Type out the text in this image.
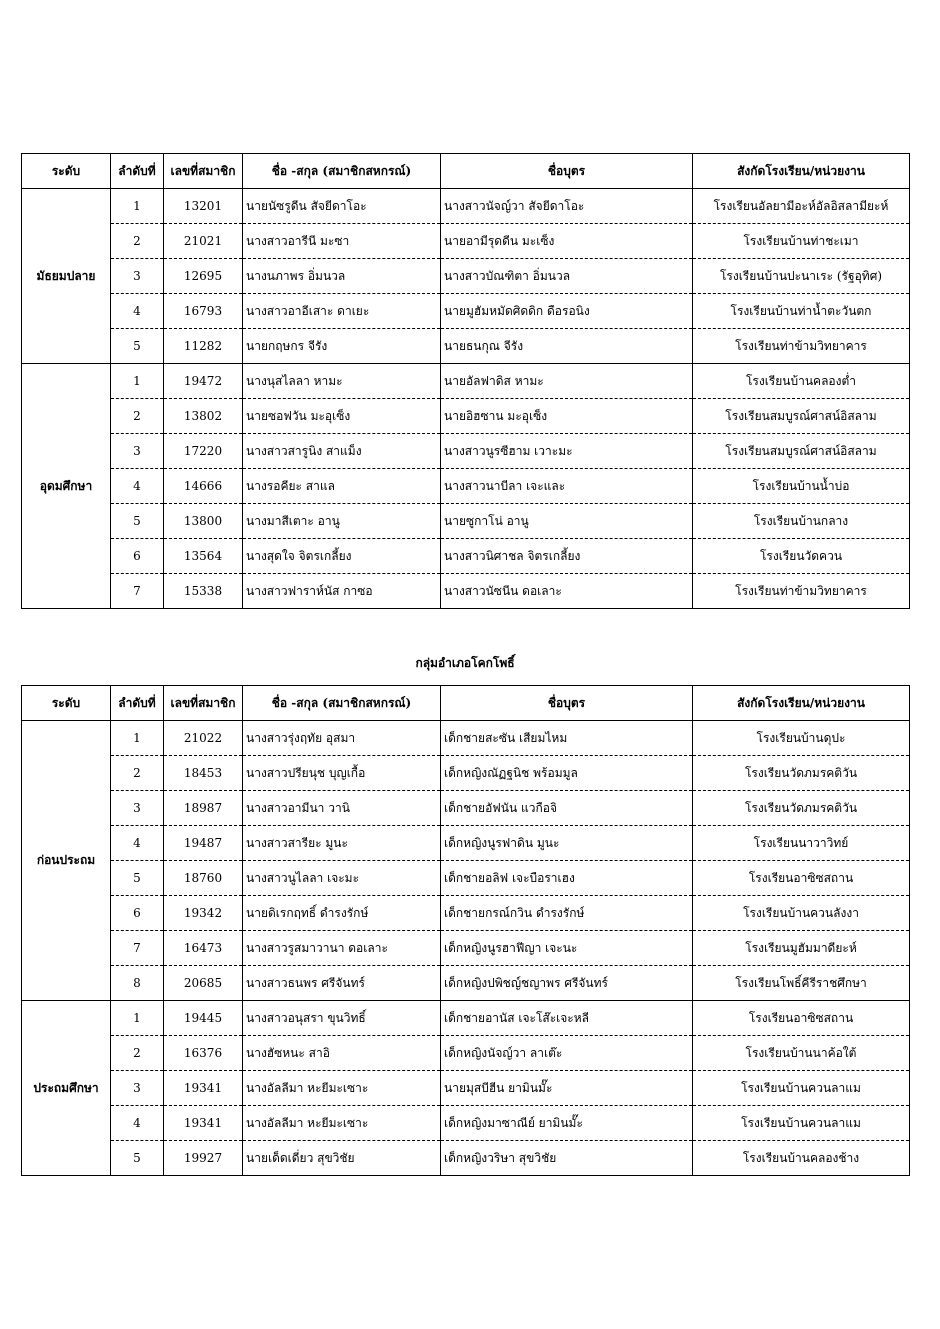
ระดับ	ลำดับที่	เลขที่สมาชิก	ชื่อ -สกุล (สมาชิกสหกรณ์)	ชื่อบุตร	สังกัดโรงเรียน/หน่วยงาน
มัธยมปลาย	1	13201	นายนัซรูดีน สัจยีดาโอะ	นางสาวนัจญ์วา สัจยีดาโอะ	โรงเรียนอัลยามีอะห์อัลอิสลามียะห์
	2	21021	นางสาวอารีนี มะซา	นายอามีรุดดีน มะเซ็ง	โรงเรียนบ้านท่าชะเมา
	3	12695	นางนภาพร อิ่มนวล	นางสาวบัณฑิตา อิ่มนวล	โรงเรียนบ้านปะนาเระ (รัฐอุทิศ)
	4	16793	นางสาวอาอีเสาะ ดาเยะ	นายมูฮัมหมัดศิดดิก ดือรอนิง	โรงเรียนบ้านท่าน้ำตะวันตก
	5	11282	นายกฤษกร จีรัง	นายธนกุณ จีรัง	โรงเรียนท่าข้ามวิทยาคาร
อุดมศึกษา	1	19472	นางนุสไลลา หามะ	นายอัลฟาดิส หามะ	โรงเรียนบ้านคลองต่ำ
	2	13802	นายซอฟวัน มะอุเซ็ง	นายอิฮซาน มะอุเซ็ง	โรงเรียนสมบูรณ์ศาสน์อิสลาม
	3	17220	นางสาวสารูนิง สาแม็ง	นางสาวนูรซีฮาม เวาะมะ	โรงเรียนสมบูรณ์ศาสน์อิสลาม
	4	14666	นางรอคียะ สาแล	นางสาวนาบีลา เจะและ	โรงเรียนบ้านน้ำบ่อ
	5	13800	นางมาสีเตาะ อานู	นายซูกาโน่ อานู	โรงเรียนบ้านกลาง
	6	13564	นางสุดใจ จิตรเกลี้ยง	นางสาวนิศาชล จิตรเกลี้ยง	โรงเรียนวัดควน
	7	15338	นางสาวฟาราห์นัส กาซอ	นางสาวนัซนีน ดอเลาะ	โรงเรียนท่าข้ามวิทยาคาร
กลุ่มอำเภอโคกโพธิ์
ระดับ	ลำดับที่	เลขที่สมาชิก	ชื่อ -สกุล (สมาชิกสหกรณ์)	ชื่อบุตร	สังกัดโรงเรียน/หน่วยงาน
ก่อนประถม	1	21022	นางสาวรุ่งฤทัย อุสมา	เด็กชายสะซัน เสียมไหม	โรงเรียนบ้านดุปะ
	2	18453	นางสาวปรียนุช บุญเกื้อ	เด็กหญิงณัฏฐนิช พร้อมมูล	โรงเรียนวัดภมรคติวัน
	3	18987	นางสาวอามีนา วานิ	เด็กชายอัฟนัน แวกือจิ	โรงเรียนวัดภมรคติวัน
	4	19487	นางสาวสารียะ มูนะ	เด็กหญิงนูรฟาดิน มูนะ	โรงเรียนนาวาวิทย์
	5	18760	นางสาวนูไลลา เจะมะ	เด็กชายอลิฟ เจะบือราเฮง	โรงเรียนอาซิซสถาน
	6	19342	นายดิเรกฤทธิ์ ดำรงรักษ์	เด็กชายกรณ์กวิน ดำรงรักษ์	โรงเรียนบ้านควนลังงา
	7	16473	นางสาวรูสมาวานา ดอเลาะ	เด็กหญิงนูรฮาฟีญา เจะนะ	โรงเรียนมูฮัมมาดียะห์
	8	20685	นางสาวธนพร ศรีจันทร์	เด็กหญิงปพิชญ์ชญาพร ศรีจันทร์	โรงเรียนโพธิ์คีรีราชศึกษา
ประถมศึกษา	1	19445	นางสาวอนุสรา ขุนวิทธิ์	เด็กชายอานัส เจะโส๊ะเจะหลี	โรงเรียนอาซิซสถาน
	2	16376	นางฮัซหนะ สาอิ	เด็กหญิงนัจญ์วา ลาเต๊ะ	โรงเรียนบ้านนาค้อใต้
	3	19341	นางอัลลีมา หะยีมะเซาะ	นายมุสบีฮีน ยามินมั๊ะ	โรงเรียนบ้านควนลาแม
	4	19341	นางอัลลีมา หะยีมะเซาะ	เด็กหญิงมาซาณีย์ ยามินมั๊ะ	โรงเรียนบ้านควนลาแม
	5	19927	นายเด็ดเดี่ยว สุขวิชัย	เด็กหญิงวริษา สุขวิชัย	โรงเรียนบ้านคลองช้าง
